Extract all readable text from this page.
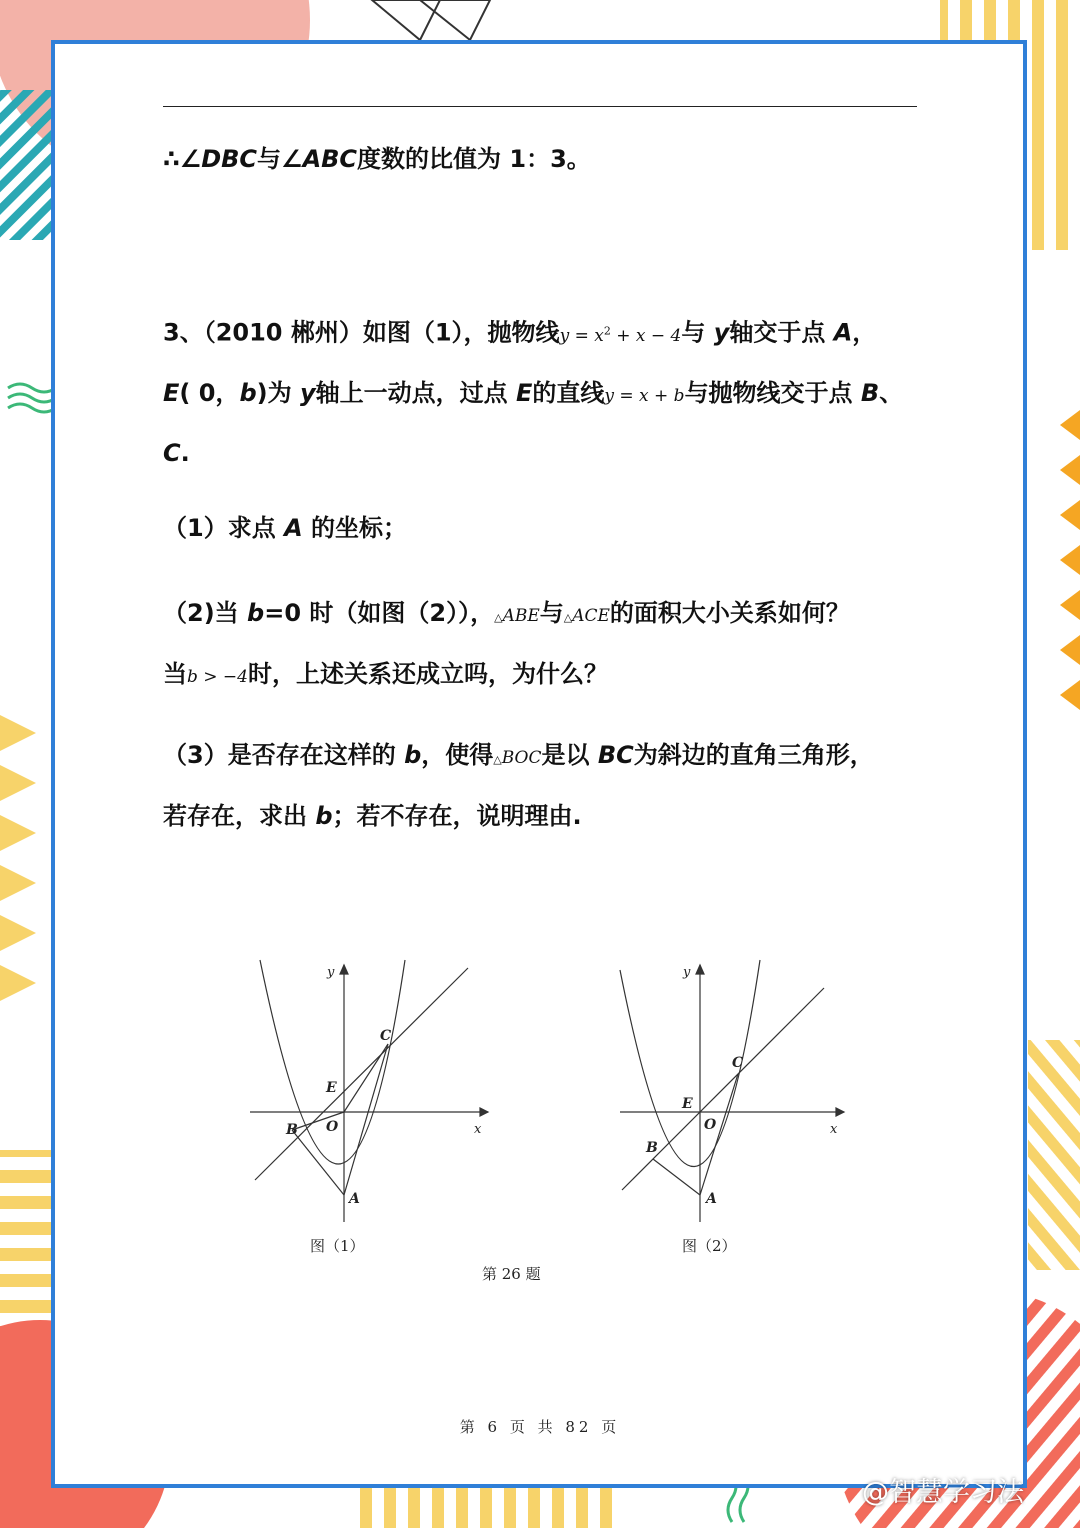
∴∠DBC与∠ABC度数的比值为 1：3。
3、（2010 郴州）如图（1），抛物线$y = x^2 + x - 4$与 y轴交于点 A，
E( 0，b)为 y轴上一动点，过点 E的直线y = x + b与抛物线交于点 B、
C.
（1）求点 A 的坐标；
（2)当 b=0 时（如图（2）），△ABE与△ACE的面积大小关系如何？
当b > −4时，上述关系还成立吗，为什么？
（3）是否存在这样的 b，使得△BOC是以 BC为斜边的直角三角形，
若存在，求出 b；若不存在，说明理由.
y
x
C
E
O
B
A
图（1）
y
x
C
E
O
B
A
图（2）
第 26 题
第 6 页 共 82 页
@智慧学习法
